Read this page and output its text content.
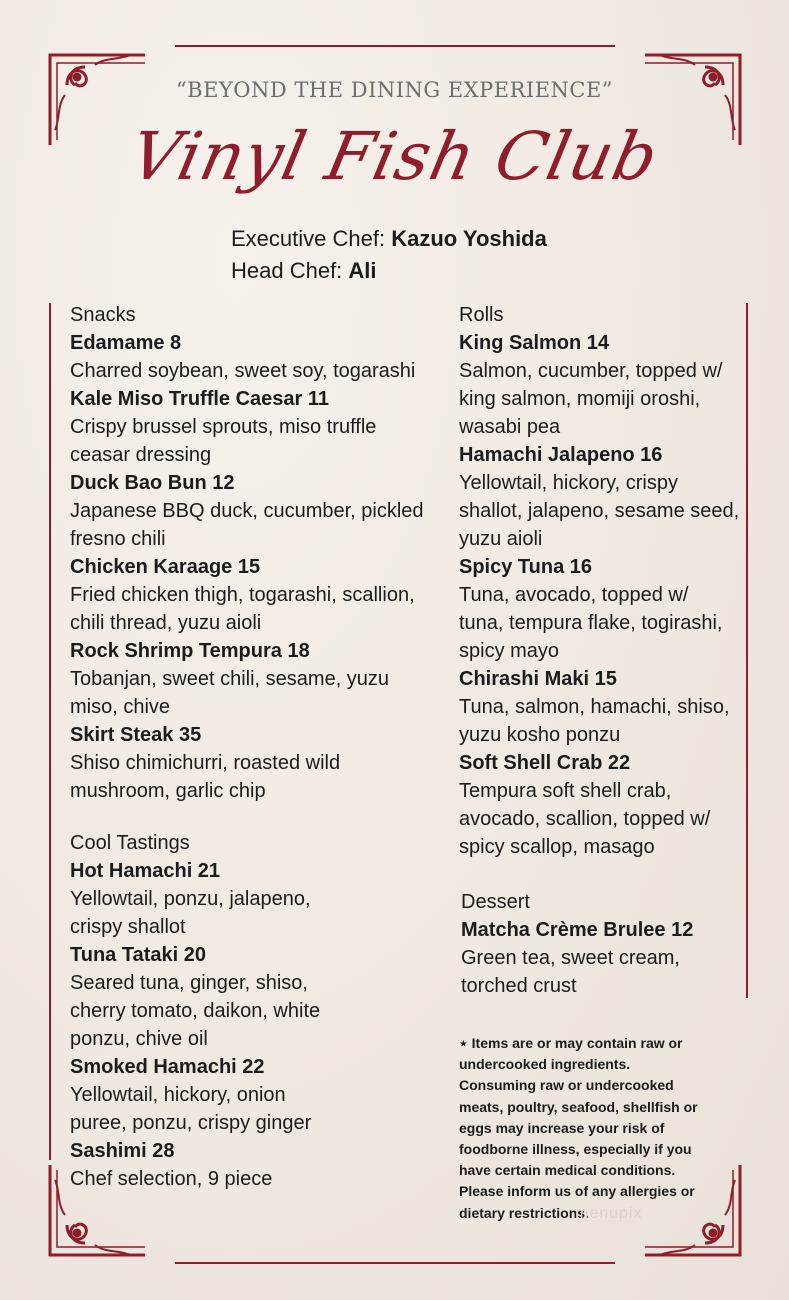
“BEYOND THE DINING EXPERIENCE”
Vinyl Fish Club
Executive Chef: Kazuo Yoshida
Head Chef: Ali

Snacks

Edamame 8

Charred soybean, sweet soy, togarashi

Kale Miso Truffle Caesar 11

Crispy brussel sprouts, miso truffle

ceasar dressing

Duck Bao Bun 12

Japanese BBQ duck, cucumber, pickled

fresno chili

Chicken Karaage 15

Fried chicken thigh, togarashi, scallion,

chili thread, yuzu aioli

Rock Shrimp Tempura 18

Tobanjan, sweet chili, sesame, yuzu

miso, chive

Skirt Steak 35

Shiso chimichurri, roasted wild

mushroom, garlic chip

Cool Tastings

Hot Hamachi 21

Yellowtail, ponzu, jalapeno,

crispy shallot

Tuna Tataki 20

Seared tuna, ginger, shiso,

cherry tomato, daikon, white

ponzu, chive oil

Smoked Hamachi 22

Yellowtail, hickory, onion

puree, ponzu, crispy ginger

Sashimi 28

Chef selection, 9 piece

Rolls

King Salmon 14

Salmon, cucumber, topped w/

king salmon, momiji oroshi,

wasabi pea

Hamachi Jalapeno 16

Yellowtail, hickory, crispy

shallot, jalapeno, sesame seed,

yuzu aioli

Spicy Tuna 16

Tuna, avocado, topped w/

tuna, tempura flake, togirashi,

spicy mayo

Chirashi Maki 15

Tuna, salmon, hamachi, shiso,

yuzu kosho ponzu

Soft Shell Crab 22

Tempura soft shell crab,

avocado, scallion, topped w/

spicy scallop, masago

Dessert

Matcha Crème Brulee 12

Green tea, sweet cream,

torched crust

⋆ Items are or may contain raw or

undercooked ingredients.

Consuming raw or undercooked

meats, poultry, seafood, shellfish or

eggs may increase your risk of

foodborne illness, especially if you

have certain medical conditions.

Please inform us of any allergies or

dietary restrictions.

menupix
